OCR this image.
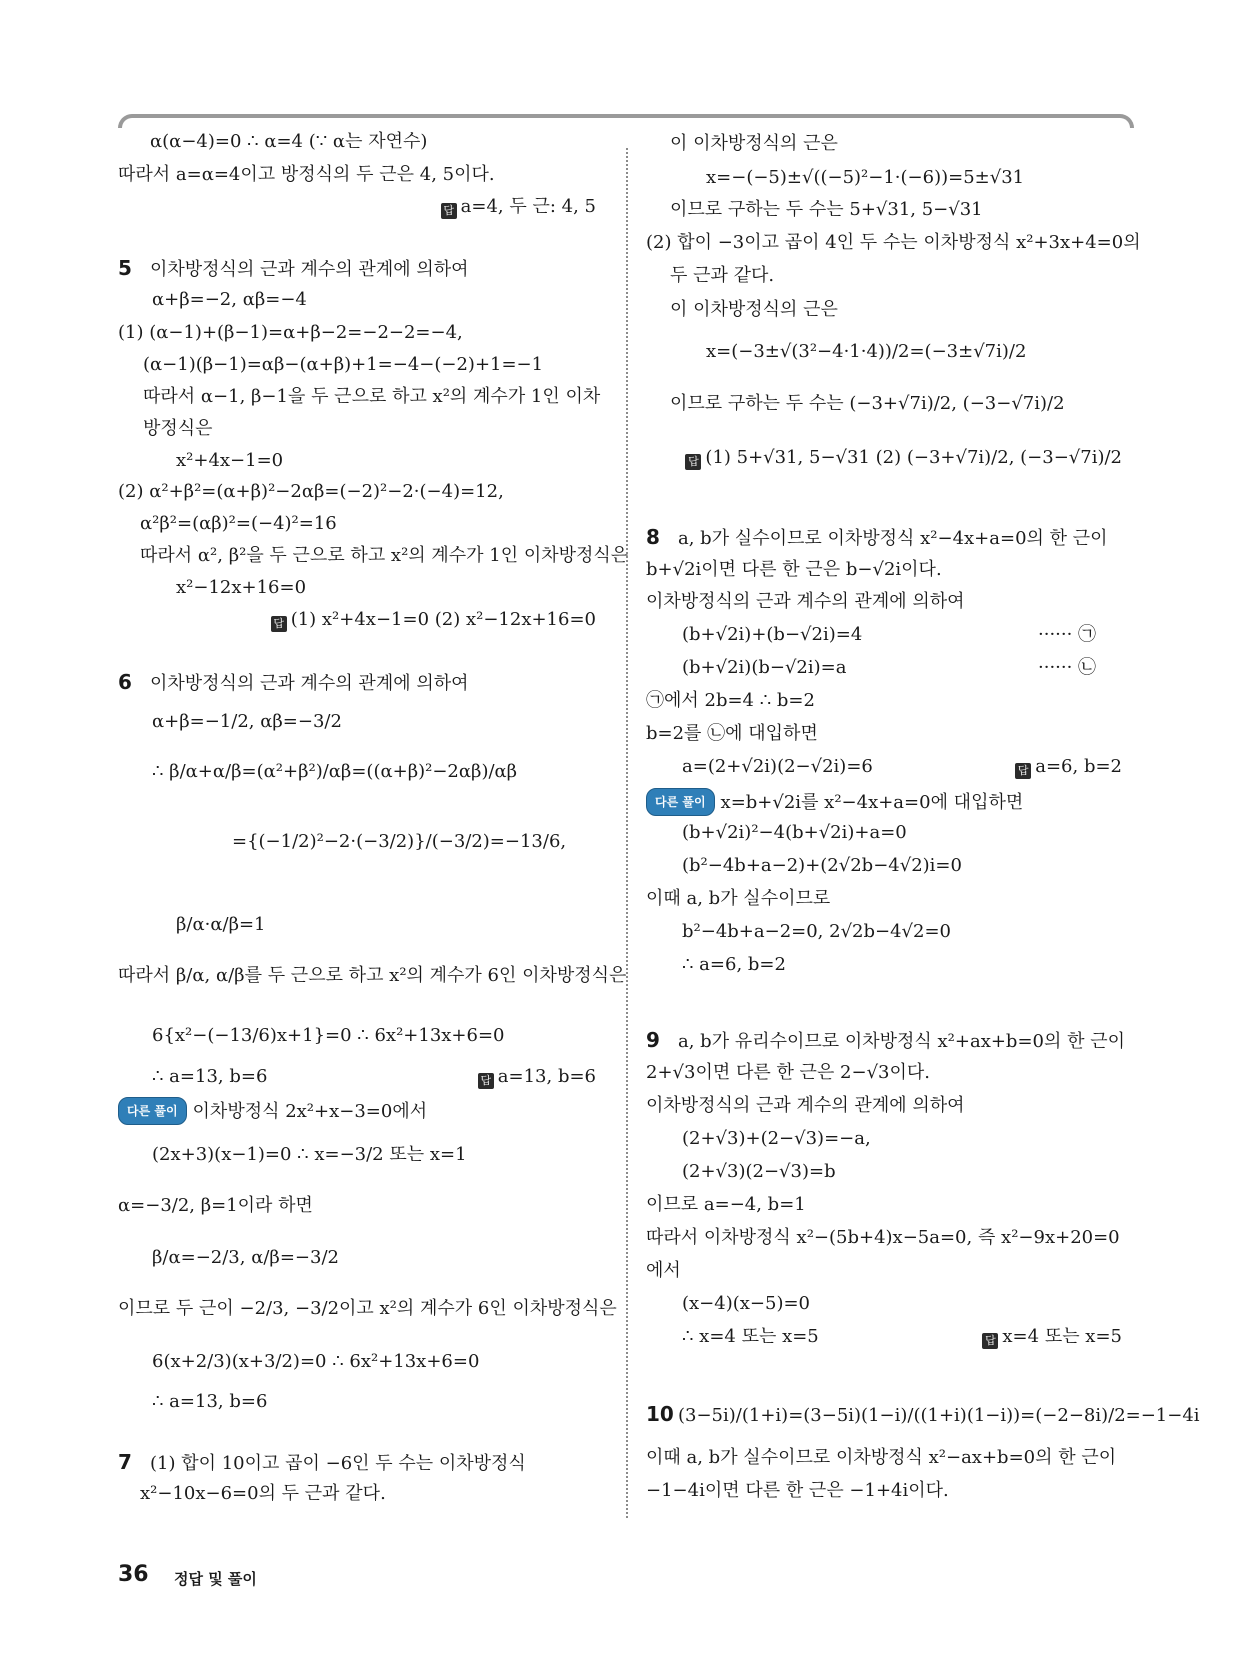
α(α−4)=0 ∴ α=4 (∵ α는 자연수)
따라서 a=α=4이고 방정식의 두 근은 4, 5이다.
답 a=4, 두 근: 4, 5
5 이차방정식의 근과 계수의 관계에 의하여
α+β=−2, αβ=−4
(1) (α−1)+(β−1)=α+β−2=−2−2=−4,
(α−1)(β−1)=αβ−(α+β)+1=−4−(−2)+1=−1
따라서 α−1, β−1을 두 근으로 하고 x²의 계수가 1인 이차
방정식은
x²+4x−1=0
(2) α²+β²=(α+β)²−2αβ=(−2)²−2·(−4)=12,
α²β²=(αβ)²=(−4)²=16
따라서 α², β²을 두 근으로 하고 x²의 계수가 1인 이차방정식은
x²−12x+16=0
답 (1) x²+4x−1=0 (2) x²−12x+16=0
6 이차방정식의 근과 계수의 관계에 의하여
α+β=−1/2, αβ=−3/2
∴ β/α+α/β=(α²+β²)/αβ=((α+β)²−2αβ)/αβ
={(−1/2)²−2·(−3/2)}/(−3/2)=−13/6,
β/α·α/β=1
따라서 β/α, α/β를 두 근으로 하고 x²의 계수가 6인 이차방정식은
6{x²−(−13/6)x+1}=0 ∴ 6x²+13x+6=0
∴ a=13, b=6	답 a=13, b=6
다른 풀이 이차방정식 2x²+x−3=0에서
(2x+3)(x−1)=0 ∴ x=−3/2 또는 x=1
α=−3/2, β=1이라 하면
β/α=−2/3, α/β=−3/2
이므로 두 근이 −2/3, −3/2이고 x²의 계수가 6인 이차방정식은
6(x+2/3)(x+3/2)=0 ∴ 6x²+13x+6=0
∴ a=13, b=6
7 (1) 합이 10이고 곱이 −6인 두 수는 이차방정식
x²−10x−6=0의 두 근과 같다.
이 이차방정식의 근은
x=−(−5)±√((−5)²−1·(−6))=5±√31
이므로 구하는 두 수는 5+√31, 5−√31
(2) 합이 −3이고 곱이 4인 두 수는 이차방정식 x²+3x+4=0의
두 근과 같다.
이 이차방정식의 근은
x=(−3±√(3²−4·1·4))/2=(−3±√7i)/2
이므로 구하는 두 수는 (−3+√7i)/2, (−3−√7i)/2
답 (1) 5+√31, 5−√31 (2) (−3+√7i)/2, (−3−√7i)/2
8 a, b가 실수이므로 이차방정식 x²−4x+a=0의 한 근이
b+√2i이면 다른 한 근은 b−√2i이다.
이차방정식의 근과 계수의 관계에 의하여
(b+√2i)+(b−√2i)=4	······ ㉠
(b+√2i)(b−√2i)=a	······ ㉡
㉠에서 2b=4 ∴ b=2
b=2를 ㉡에 대입하면
a=(2+√2i)(2−√2i)=6	답 a=6, b=2
다른 풀이 x=b+√2i를 x²−4x+a=0에 대입하면
(b+√2i)²−4(b+√2i)+a=0
(b²−4b+a−2)+(2√2b−4√2)i=0
이때 a, b가 실수이므로
b²−4b+a−2=0, 2√2b−4√2=0
∴ a=6, b=2
9 a, b가 유리수이므로 이차방정식 x²+ax+b=0의 한 근이
2+√3이면 다른 한 근은 2−√3이다.
이차방정식의 근과 계수의 관계에 의하여
(2+√3)+(2−√3)=−a,
(2+√3)(2−√3)=b
이므로 a=−4, b=1
따라서 이차방정식 x²−(5b+4)x−5a=0, 즉 x²−9x+20=0
에서
(x−4)(x−5)=0
∴ x=4 또는 x=5	답 x=4 또는 x=5
10 (3−5i)/(1+i)=(3−5i)(1−i)/((1+i)(1−i))=(−2−8i)/2=−1−4i
이때 a, b가 실수이므로 이차방정식 x²−ax+b=0의 한 근이
−1−4i이면 다른 한 근은 −1+4i이다.
36 정답 및 풀이
